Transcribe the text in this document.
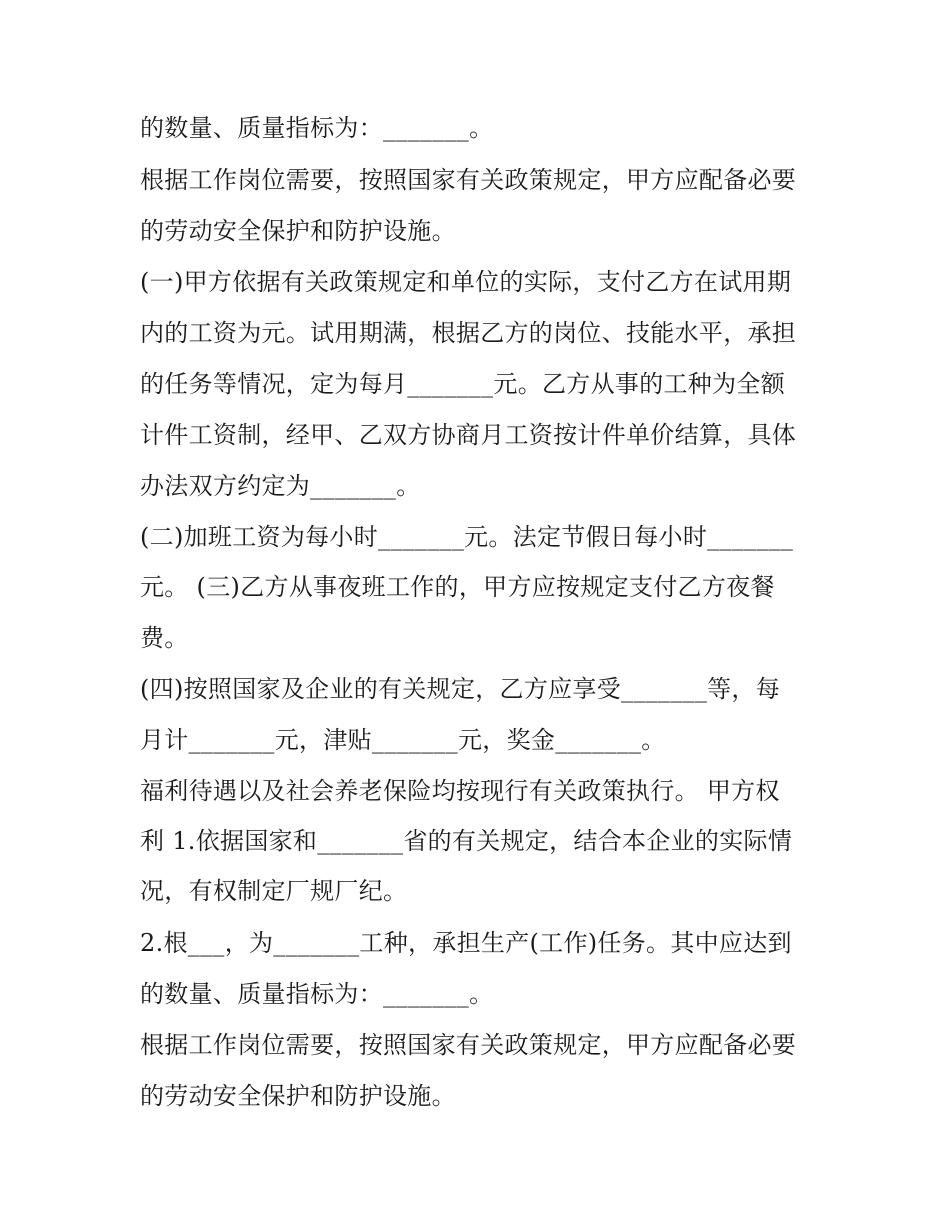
的数量、质量指标为：_______。
根据工作岗位需要，按照国家有关政策规定，甲方应配备必要
的劳动安全保护和防护设施。
(一)甲方依据有关政策规定和单位的实际，支付乙方在试用期
内的工资为元。试用期满，根据乙方的岗位、技能水平，承担
的任务等情况，定为每月_______元。乙方从事的工种为全额
计件工资制，经甲、乙双方协商月工资按计件单价结算，具体
办法双方约定为_______。
(二)加班工资为每小时_______元。法定节假日每小时_______
元。 (三)乙方从事夜班工作的，甲方应按规定支付乙方夜餐
费。
(四)按照国家及企业的有关规定，乙方应享受_______等，每
月计_______元，津贴_______元，奖金_______。
福利待遇以及社会养老保险均按现行有关政策执行。 甲方权
利 1.依据国家和_______省的有关规定，结合本企业的实际情
况，有权制定厂规厂纪。
2.根___，为_______工种，承担生产(工作)任务。其中应达到
的数量、质量指标为：_______。
根据工作岗位需要，按照国家有关政策规定，甲方应配备必要
的劳动安全保护和防护设施。
